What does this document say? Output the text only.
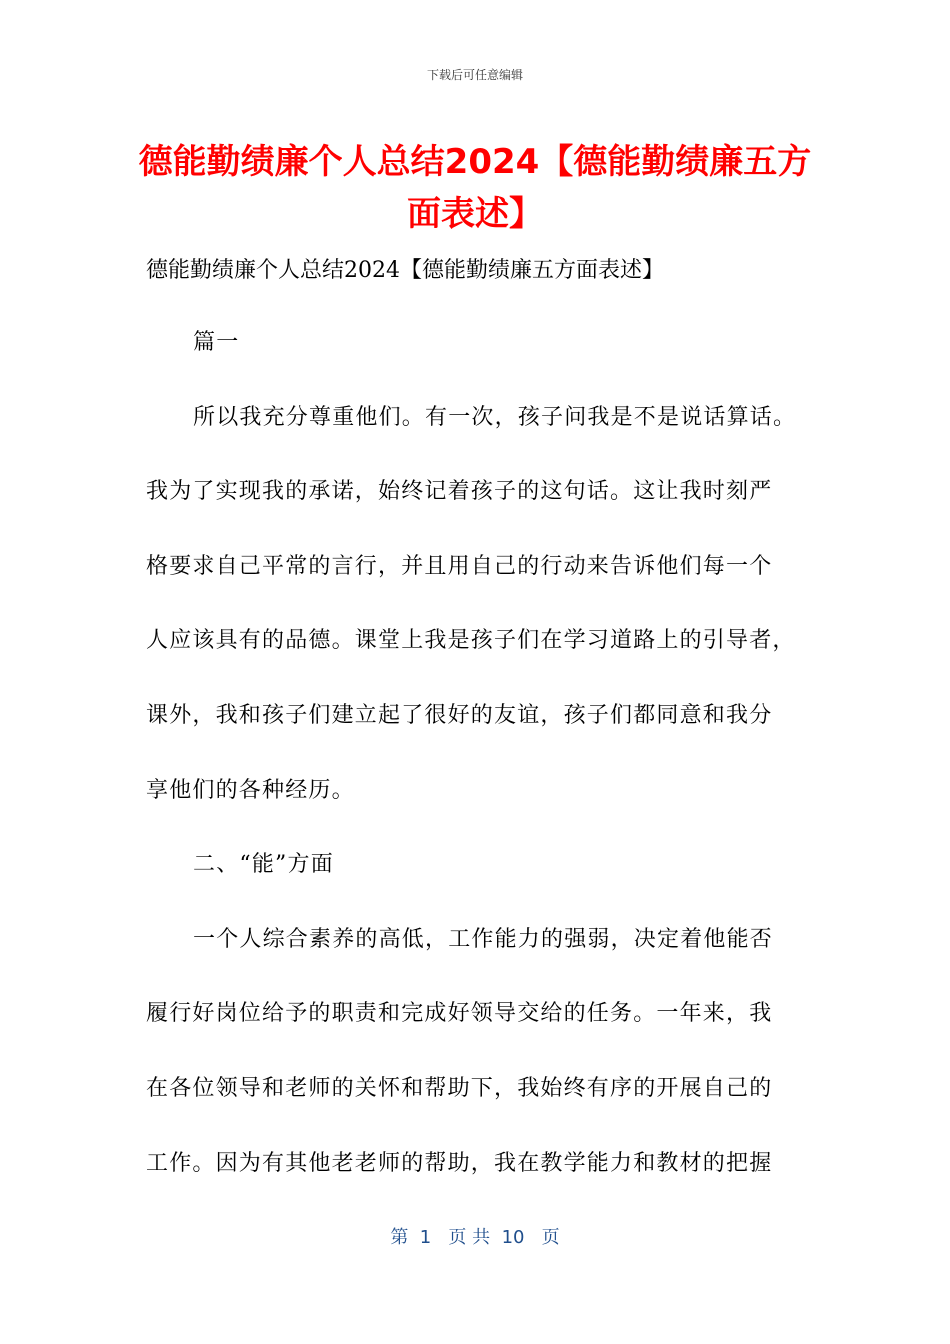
下载后可任意编辑
德能勤绩廉个人总结2024【德能勤绩廉五方
面表述】
德能勤绩廉个人总结2024【德能勤绩廉五方面表述】
篇一
所以我充分尊重他们。有一次，孩子问我是不是说话算话。
我为了实现我的承诺，始终记着孩子的这句话。这让我时刻严
格要求自己平常的言行，并且用自己的行动来告诉他们每一个
人应该具有的品德。课堂上我是孩子们在学习道路上的引导者，
课外，我和孩子们建立起了很好的友谊，孩子们都同意和我分
享他们的各种经历。
二、“能”方面
一个人综合素养的高低，工作能力的强弱，决定着他能否
履行好岗位给予的职责和完成好领导交给的任务。一年来，我
在各位领导和老师的关怀和帮助下，我始终有序的开展自己的
工作。因为有其他老老师的帮助，我在教学能力和教材的把握
第  1   页 共  10   页
